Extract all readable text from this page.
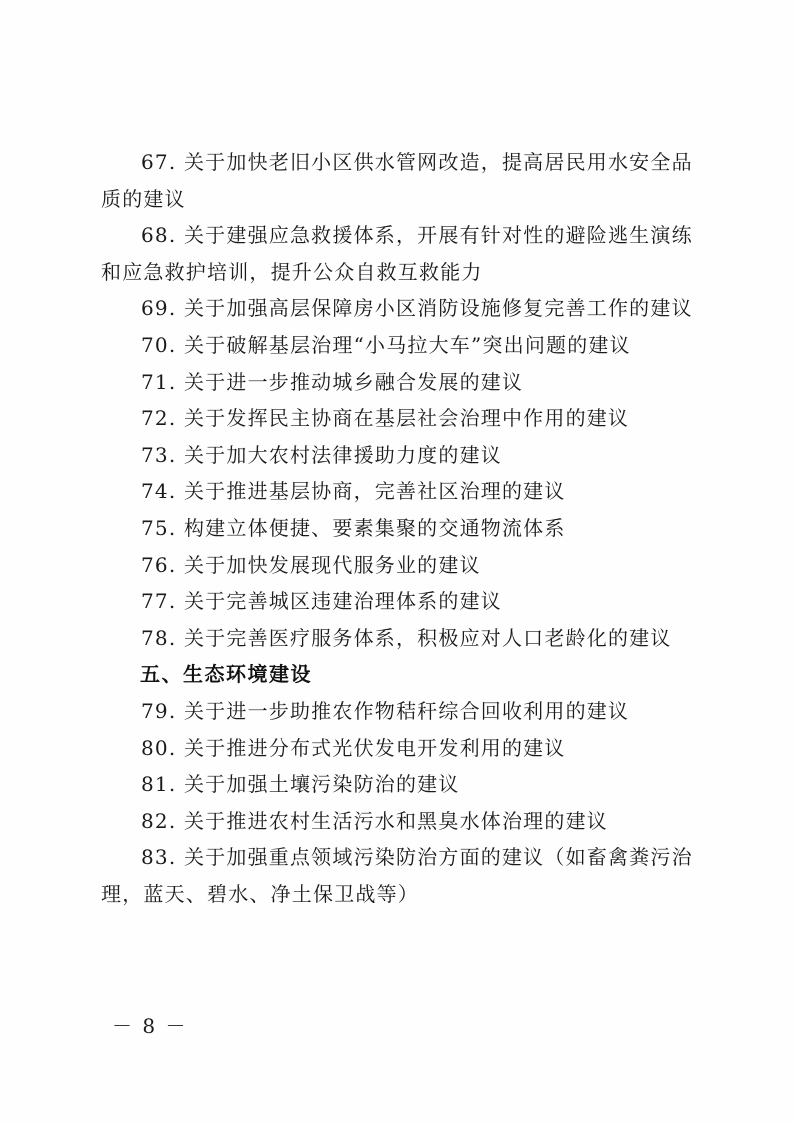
67. 关于加快老旧小区供水管网改造，提高居民用水安全品
质的建议
68. 关于建强应急救援体系，开展有针对性的避险逃生演练
和应急救护培训，提升公众自救互救能力
69. 关于加强高层保障房小区消防设施修复完善工作的建议
70. 关于破解基层治理“小马拉大车”突出问题的建议
71. 关于进一步推动城乡融合发展的建议
72. 关于发挥民主协商在基层社会治理中作用的建议
73. 关于加大农村法律援助力度的建议
74. 关于推进基层协商，完善社区治理的建议
75. 构建立体便捷、要素集聚的交通物流体系
76. 关于加快发展现代服务业的建议
77. 关于完善城区违建治理体系的建议
78. 关于完善医疗服务体系，积极应对人口老龄化的建议
五、生态环境建设
79. 关于进一步助推农作物秸秆综合回收利用的建议
80. 关于推进分布式光伏发电开发利用的建议
81. 关于加强土壤污染防治的建议
82. 关于推进农村生活污水和黑臭水体治理的建议
83. 关于加强重点领域污染防治方面的建议（如畜禽粪污治
理，蓝天、碧水、净土保卫战等）
－ 8 －
